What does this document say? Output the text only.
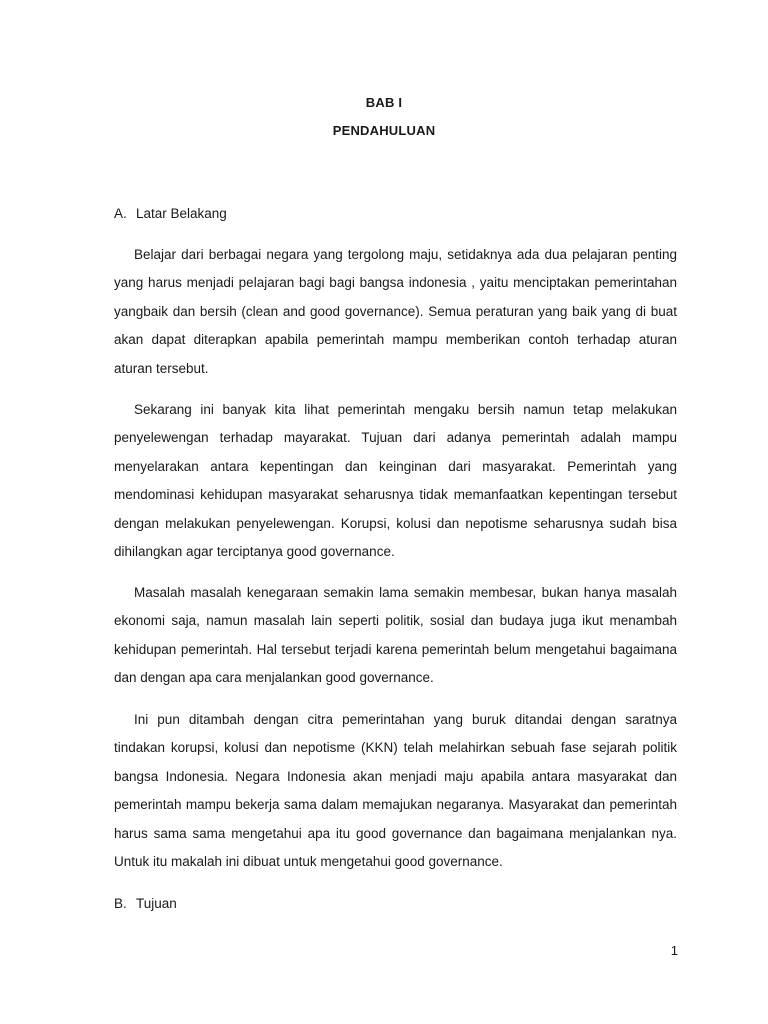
BAB I
PENDAHULUAN
A. Latar Belakang

Belajar dari berbagai negara yang tergolong maju, setidaknya ada dua pelajaran penting yang harus menjadi pelajaran bagi bagi bangsa indonesia , yaitu menciptakan pemerintahan yangbaik dan bersih (clean and good governance). Semua peraturan yang baik yang di buat akan dapat diterapkan apabila pemerintah mampu memberikan contoh terhadap aturan aturan tersebut.

Sekarang ini banyak kita lihat pemerintah mengaku bersih namun tetap melakukan penyelewengan terhadap mayarakat. Tujuan dari adanya pemerintah adalah mampu menyelarakan antara kepentingan dan keinginan dari masyarakat. Pemerintah yang mendominasi kehidupan masyarakat seharusnya tidak memanfaatkan kepentingan tersebut dengan melakukan penyelewengan. Korupsi, kolusi dan nepotisme seharusnya sudah bisa dihilangkan agar terciptanya good governance.

Masalah masalah kenegaraan semakin lama semakin membesar, bukan hanya masalah ekonomi saja, namun masalah lain seperti politik, sosial dan budaya juga ikut menambah kehidupan pemerintah. Hal tersebut terjadi karena pemerintah belum mengetahui bagaimana dan dengan apa cara menjalankan good governance.

Ini pun ditambah dengan citra pemerintahan yang buruk ditandai dengan saratnya tindakan korupsi, kolusi dan nepotisme (KKN) telah melahirkan sebuah fase sejarah politik bangsa Indonesia. Negara Indonesia akan menjadi maju apabila antara masyarakat dan pemerintah mampu bekerja sama dalam memajukan negaranya. Masyarakat dan pemerintah harus sama sama mengetahui apa itu good governance dan bagaimana menjalankan nya. Untuk itu makalah ini dibuat untuk mengetahui good governance.

B. Tujuan
1
